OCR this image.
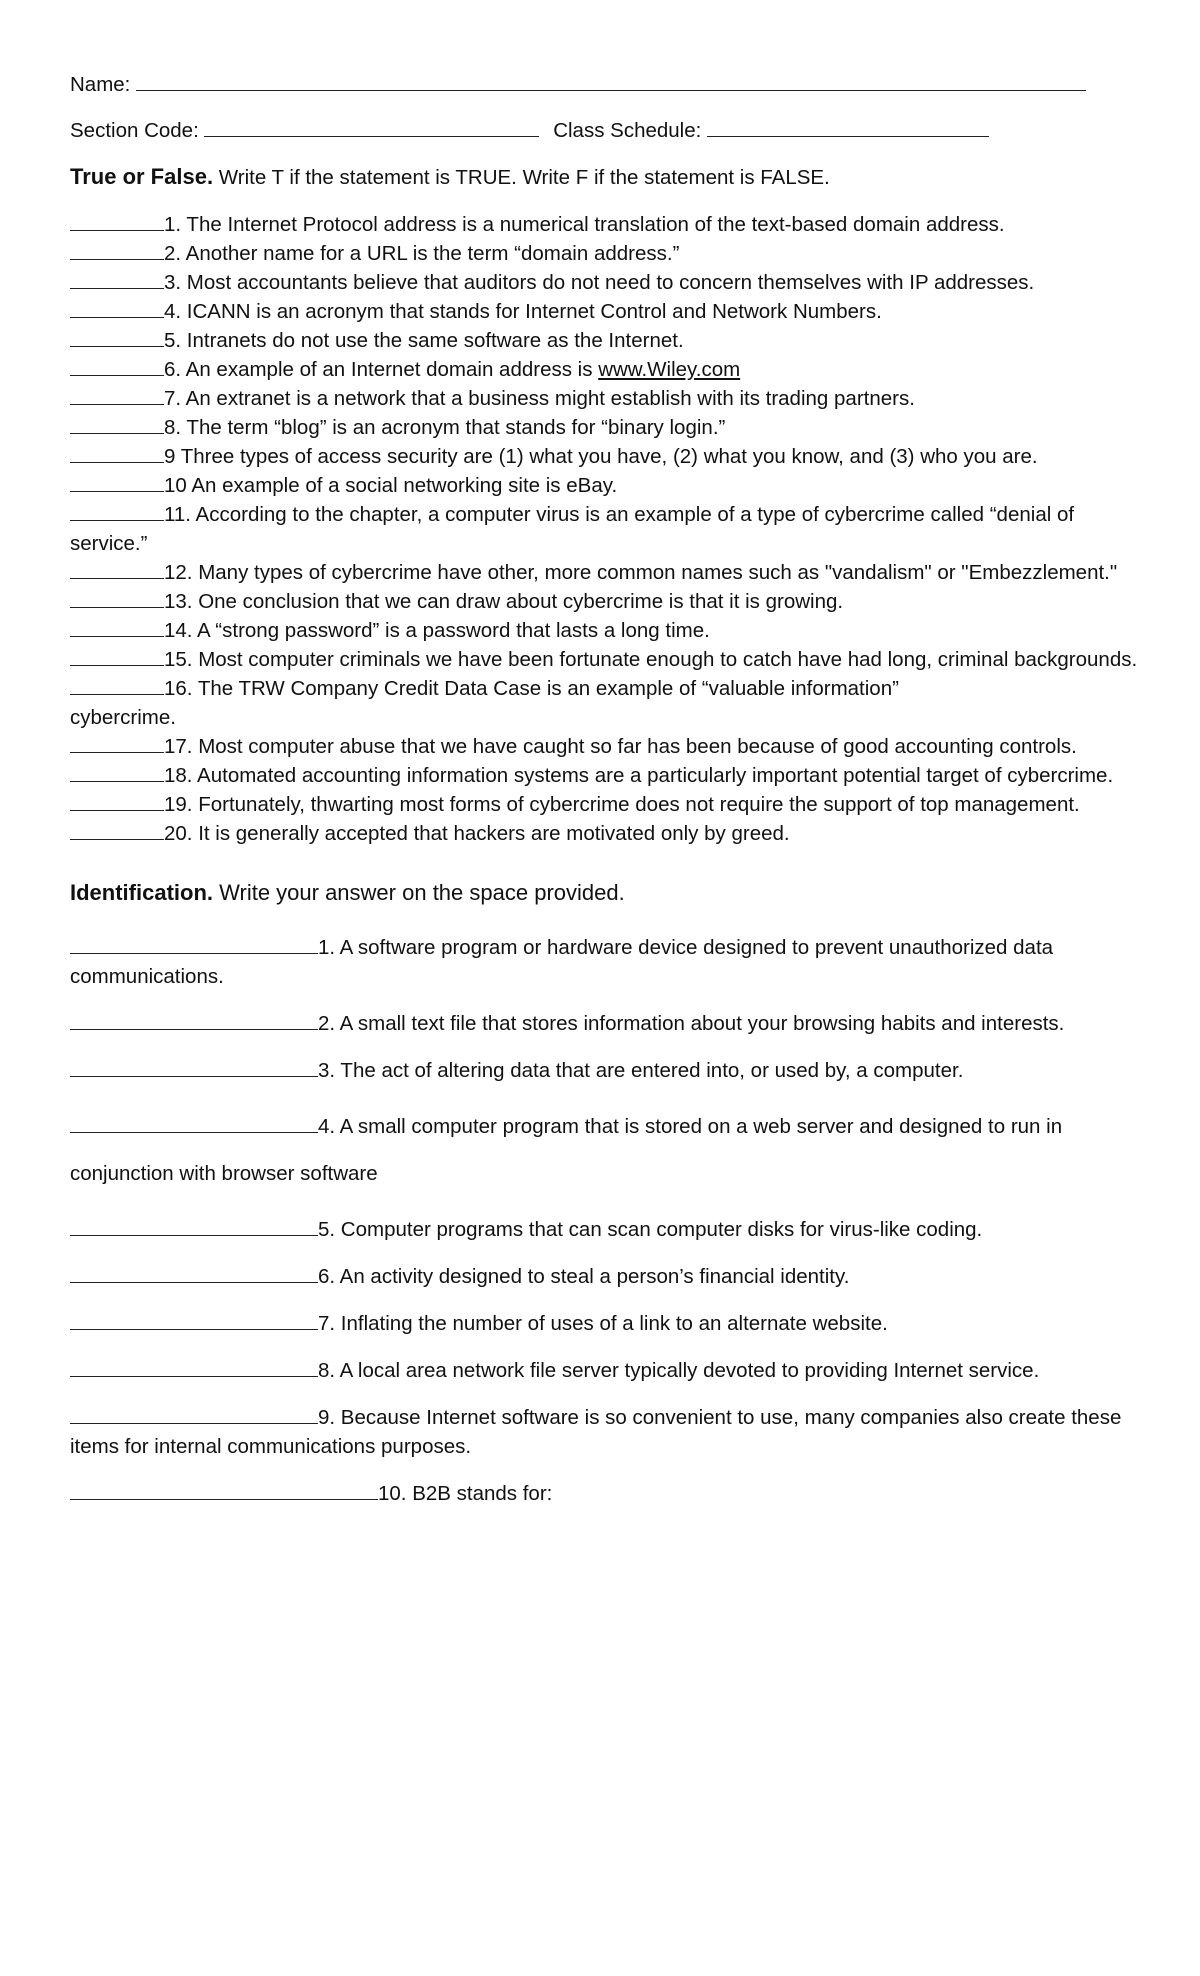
Name:
Section Code:	Class Schedule:
True or False. Write T if the statement is TRUE. Write F if the statement is FALSE.
1. The Internet Protocol address is a numerical translation of the text-based domain address.
2. Another name for a URL is the term “domain address.”
3. Most accountants believe that auditors do not need to concern themselves with IP addresses.
4. ICANN is an acronym that stands for Internet Control and Network Numbers.
5. Intranets do not use the same software as the Internet.
6. An example of an Internet domain address is www.Wiley.com
7. An extranet is a network that a business might establish with its trading partners.
8. The term “blog” is an acronym that stands for “binary login.”
9 Three types of access security are (1) what you have, (2) what you know, and (3) who you are.
10 An example of a social networking site is eBay.
11. According to the chapter, a computer virus is an example of a type of cybercrime called “denial of service.”
12. Many types of cybercrime have other, more common names such as "vandalism" or "Embezzlement."
13. One conclusion that we can draw about cybercrime is that it is growing.
14. A “strong password” is a password that lasts a long time.
15. Most computer criminals we have been fortunate enough to catch have had long, criminal backgrounds.
16. The TRW Company Credit Data Case is an example of “valuable information”
cybercrime.
17. Most computer abuse that we have caught so far has been because of good accounting controls.
18. Automated accounting information systems are a particularly important potential target of cybercrime.
19. Fortunately, thwarting most forms of cybercrime does not require the support of top management.
20. It is generally accepted that hackers are motivated only by greed.
Identification. Write your answer on the space provided.
1. A software program or hardware device designed to prevent unauthorized data communications.
2. A small text file that stores information about your browsing habits and interests.
3. The act of altering data that are entered into, or used by, a computer.
4. A small computer program that is stored on a web server and designed to run in conjunction with browser software
5. Computer programs that can scan computer disks for virus-like coding.
6. An activity designed to steal a person’s financial identity.
7. Inflating the number of uses of a link to an alternate website.
8. A local area network file server typically devoted to providing Internet service.
9. Because Internet software is so convenient to use, many companies also create these items for internal communications purposes.
10. B2B stands for:
